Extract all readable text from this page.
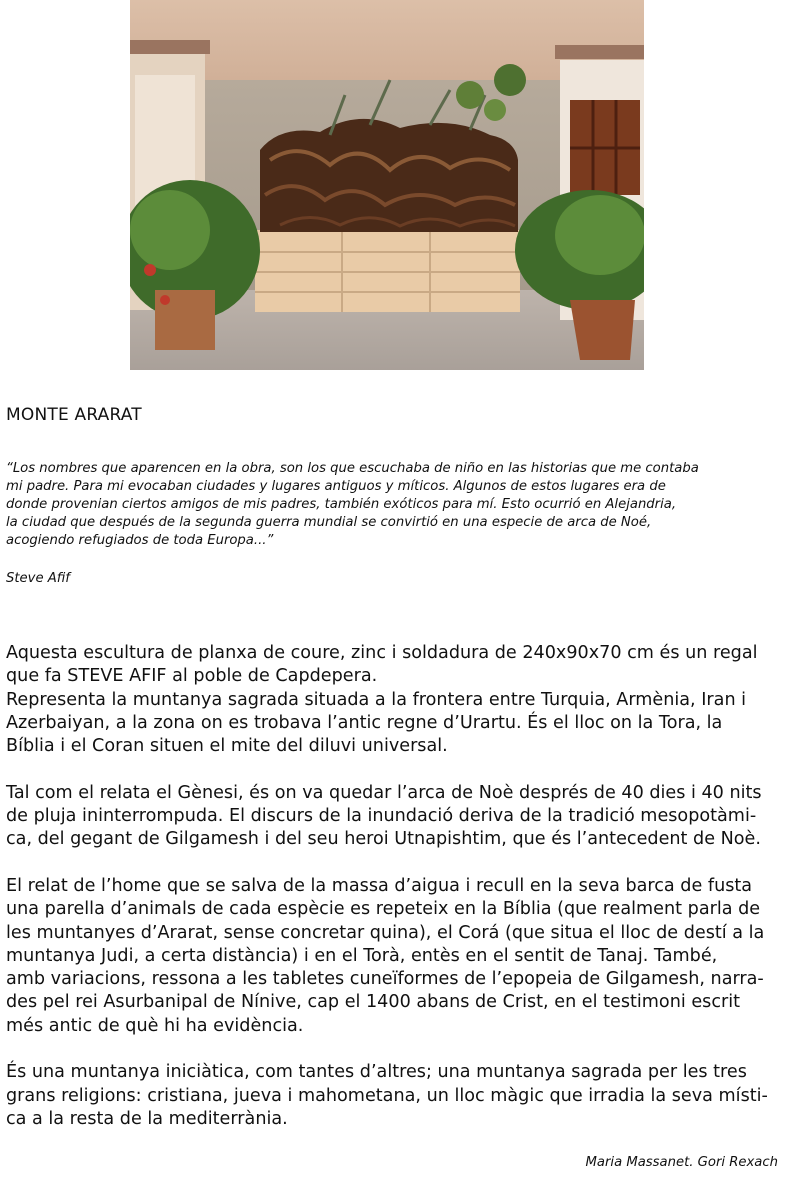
MONTE ARARAT
“Los nombres que aparencen en la obra, son los que escuchaba de niño en las historias que me contaba
mi padre. Para mi evocaban ciudades y lugares antiguos y míticos. Algunos de estos lugares era de
donde provenian ciertos amigos de mis padres, también exóticos para mí. Esto ocurrió en Alejandria,
la ciudad que después de la segunda guerra mundial se convirtió en una especie de arca de Noé,
acogiendo refugiados de toda Europa...”

Steve Afif

Aquesta escultura de planxa de coure, zinc i soldadura de 240x90x70 cm és un regal
que fa STEVE AFIF al poble de Capdepera.
Representa la muntanya sagrada situada a la frontera entre Turquia, Armènia, Iran i
Azerbaiyan, a la zona on es trobava l’antic regne d’Urartu. És el lloc on la Tora, la
Bíblia i el Coran situen el mite del diluvi universal.
Tal com el relata el Gènesi, és on va quedar l’arca de Noè després de 40 dies i 40 nits
de pluja ininterrompuda. El discurs de la inundació deriva de la tradició mesopotàmi-
ca, del gegant de Gilgamesh i del seu heroi Utnapishtim, que és l’antecedent de Noè.
El relat de l’home que se salva de la massa d’aigua i recull en la seva barca de fusta
una parella d’animals de cada espècie es repeteix en la Bíblia (que realment parla de
les muntanyes d’Ararat, sense concretar quina), el Corá (que situa el lloc de destí a la
muntanya Judi, a certa distància) i en el Torà, entès en el sentit de Tanaj. També,
amb variacions, ressona a les tabletes cuneïformes de l’epopeia de Gilgamesh, narra-
des pel rei Asurbanipal de Nínive, cap el 1400 abans de Crist, en el testimoni escrit
més antic de què hi ha evidència.
És una muntanya iniciàtica, com tantes d’altres; una muntanya sagrada per les tres
grans religions: cristiana, jueva i mahometana, un lloc màgic que irradia la seva místi-
ca a la resta de la mediterrània.

Maria Massanet. Gori Rexach
